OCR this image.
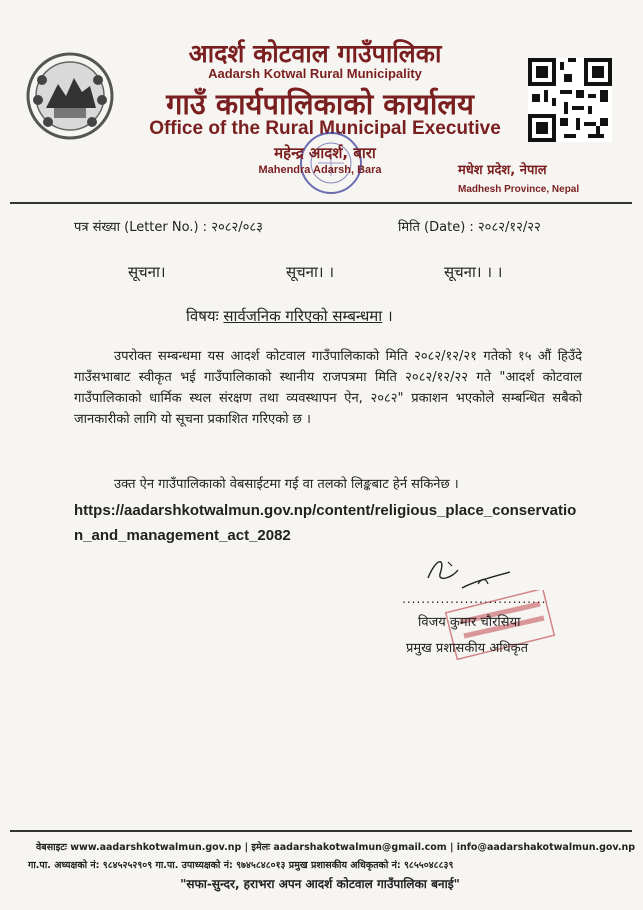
आदर्श कोटवाल गाउँपालिका
Aadarsh Kotwal Rural Municipality
गाउँ कार्यपालिकाको कार्यालय
Office of the Rural Municipal Executive
महेन्द्र आदर्श, बारा
Mahendra Adarsh, Bara	मधेश प्रदेश, नेपाल
Madhesh Province, Nepal
पत्र संख्या (Letter No.) : २०८२/०८३	मिति (Date) : २०८२/१२/२२
सूचना।	सूचना। ।	सूचना। । ।
विषयः सार्वजनिक गरिएको सम्बन्धमा ।
उपरोक्त सम्बन्धमा यस आदर्श कोटवाल गाउँपालिकाको मिति २०८२/१२/२१ गतेको १५ औं हिउँदे गाउँसभाबाट स्वीकृत भई गाउँपालिकाको स्थानीय राजपत्रमा मिति २०८२/१२/२२ गते "आदर्श कोटवाल गाउँपालिकाको धार्मिक स्थल संरक्षण तथा व्यवस्थापन ऐन, २०८२" प्रकाशन भएकोले सम्बन्धित सबैको जानकारीको लागि यो सूचना प्रकाशित गरिएको छ ।
उक्त ऐन गाउँपालिकाको वेबसाईटमा गई वा तलको लिङ्कबाट हेर्न सकिनेछ ।
https://aadarshkotwalmun.gov.np/content/religious_place_conservation_and_management_act_2082
..............................
विजय कुमार चौरसिया
प्रमुख प्रशासकीय अधिकृत
वेबसाइटः www.aadarshkotwalmun.gov.np | इमेलः aadarshakotwalmun@gmail.com | info@aadarshakotwalmun.gov.np
गा.पा. अध्यक्षको नं: ९८४५२५२९०९ गा.पा. उपाध्यक्षको नं: ९७४५८४८०१३ प्रमुख प्रशासकीय अधिकृतको नं: ९८५५०४८८३९
"सफा-सुन्दर, हराभरा अपन आदर्श कोटवाल गाउँपालिका बनाई"
